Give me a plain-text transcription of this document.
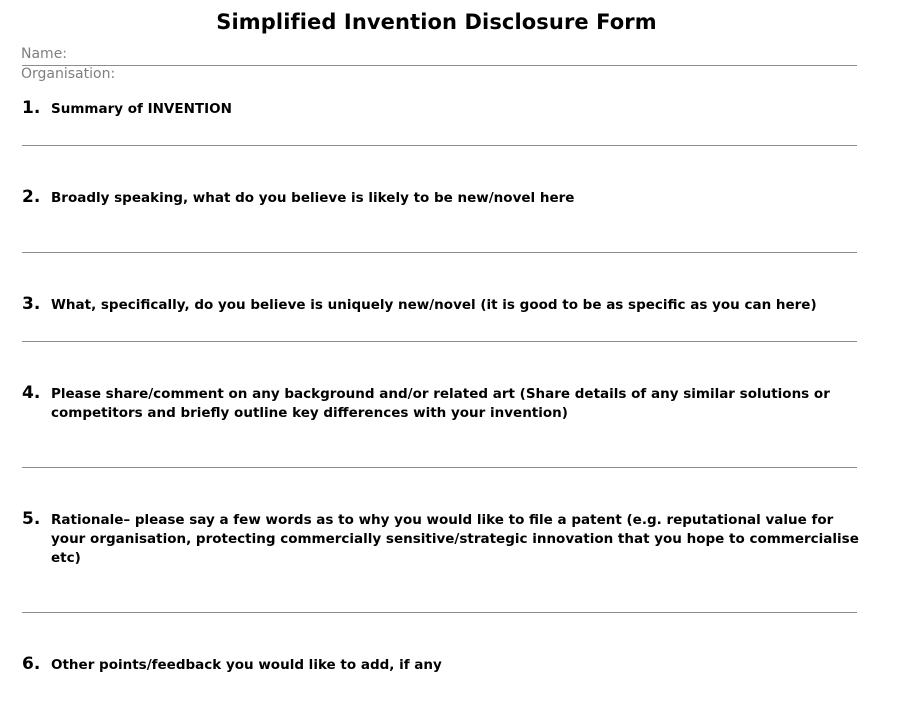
Simplified Invention Disclosure Form
Name:
Organisation:
1. Summary of INVENTION
2. Broadly speaking, what do you believe is likely to be new/novel here
3. What, specifically, do you believe is uniquely new/novel (it is good to be as specific as you can here)
4. Please share/comment on any background and/or related art (Share details of any similar solutions or competitors and briefly outline key differences with your invention)
5. Rationale– please say a few words as to why you would like to file a patent (e.g. reputational value for your organisation, protecting commercially sensitive/strategic innovation that you hope to commercialise etc)
6. Other points/feedback you would like to add, if any
